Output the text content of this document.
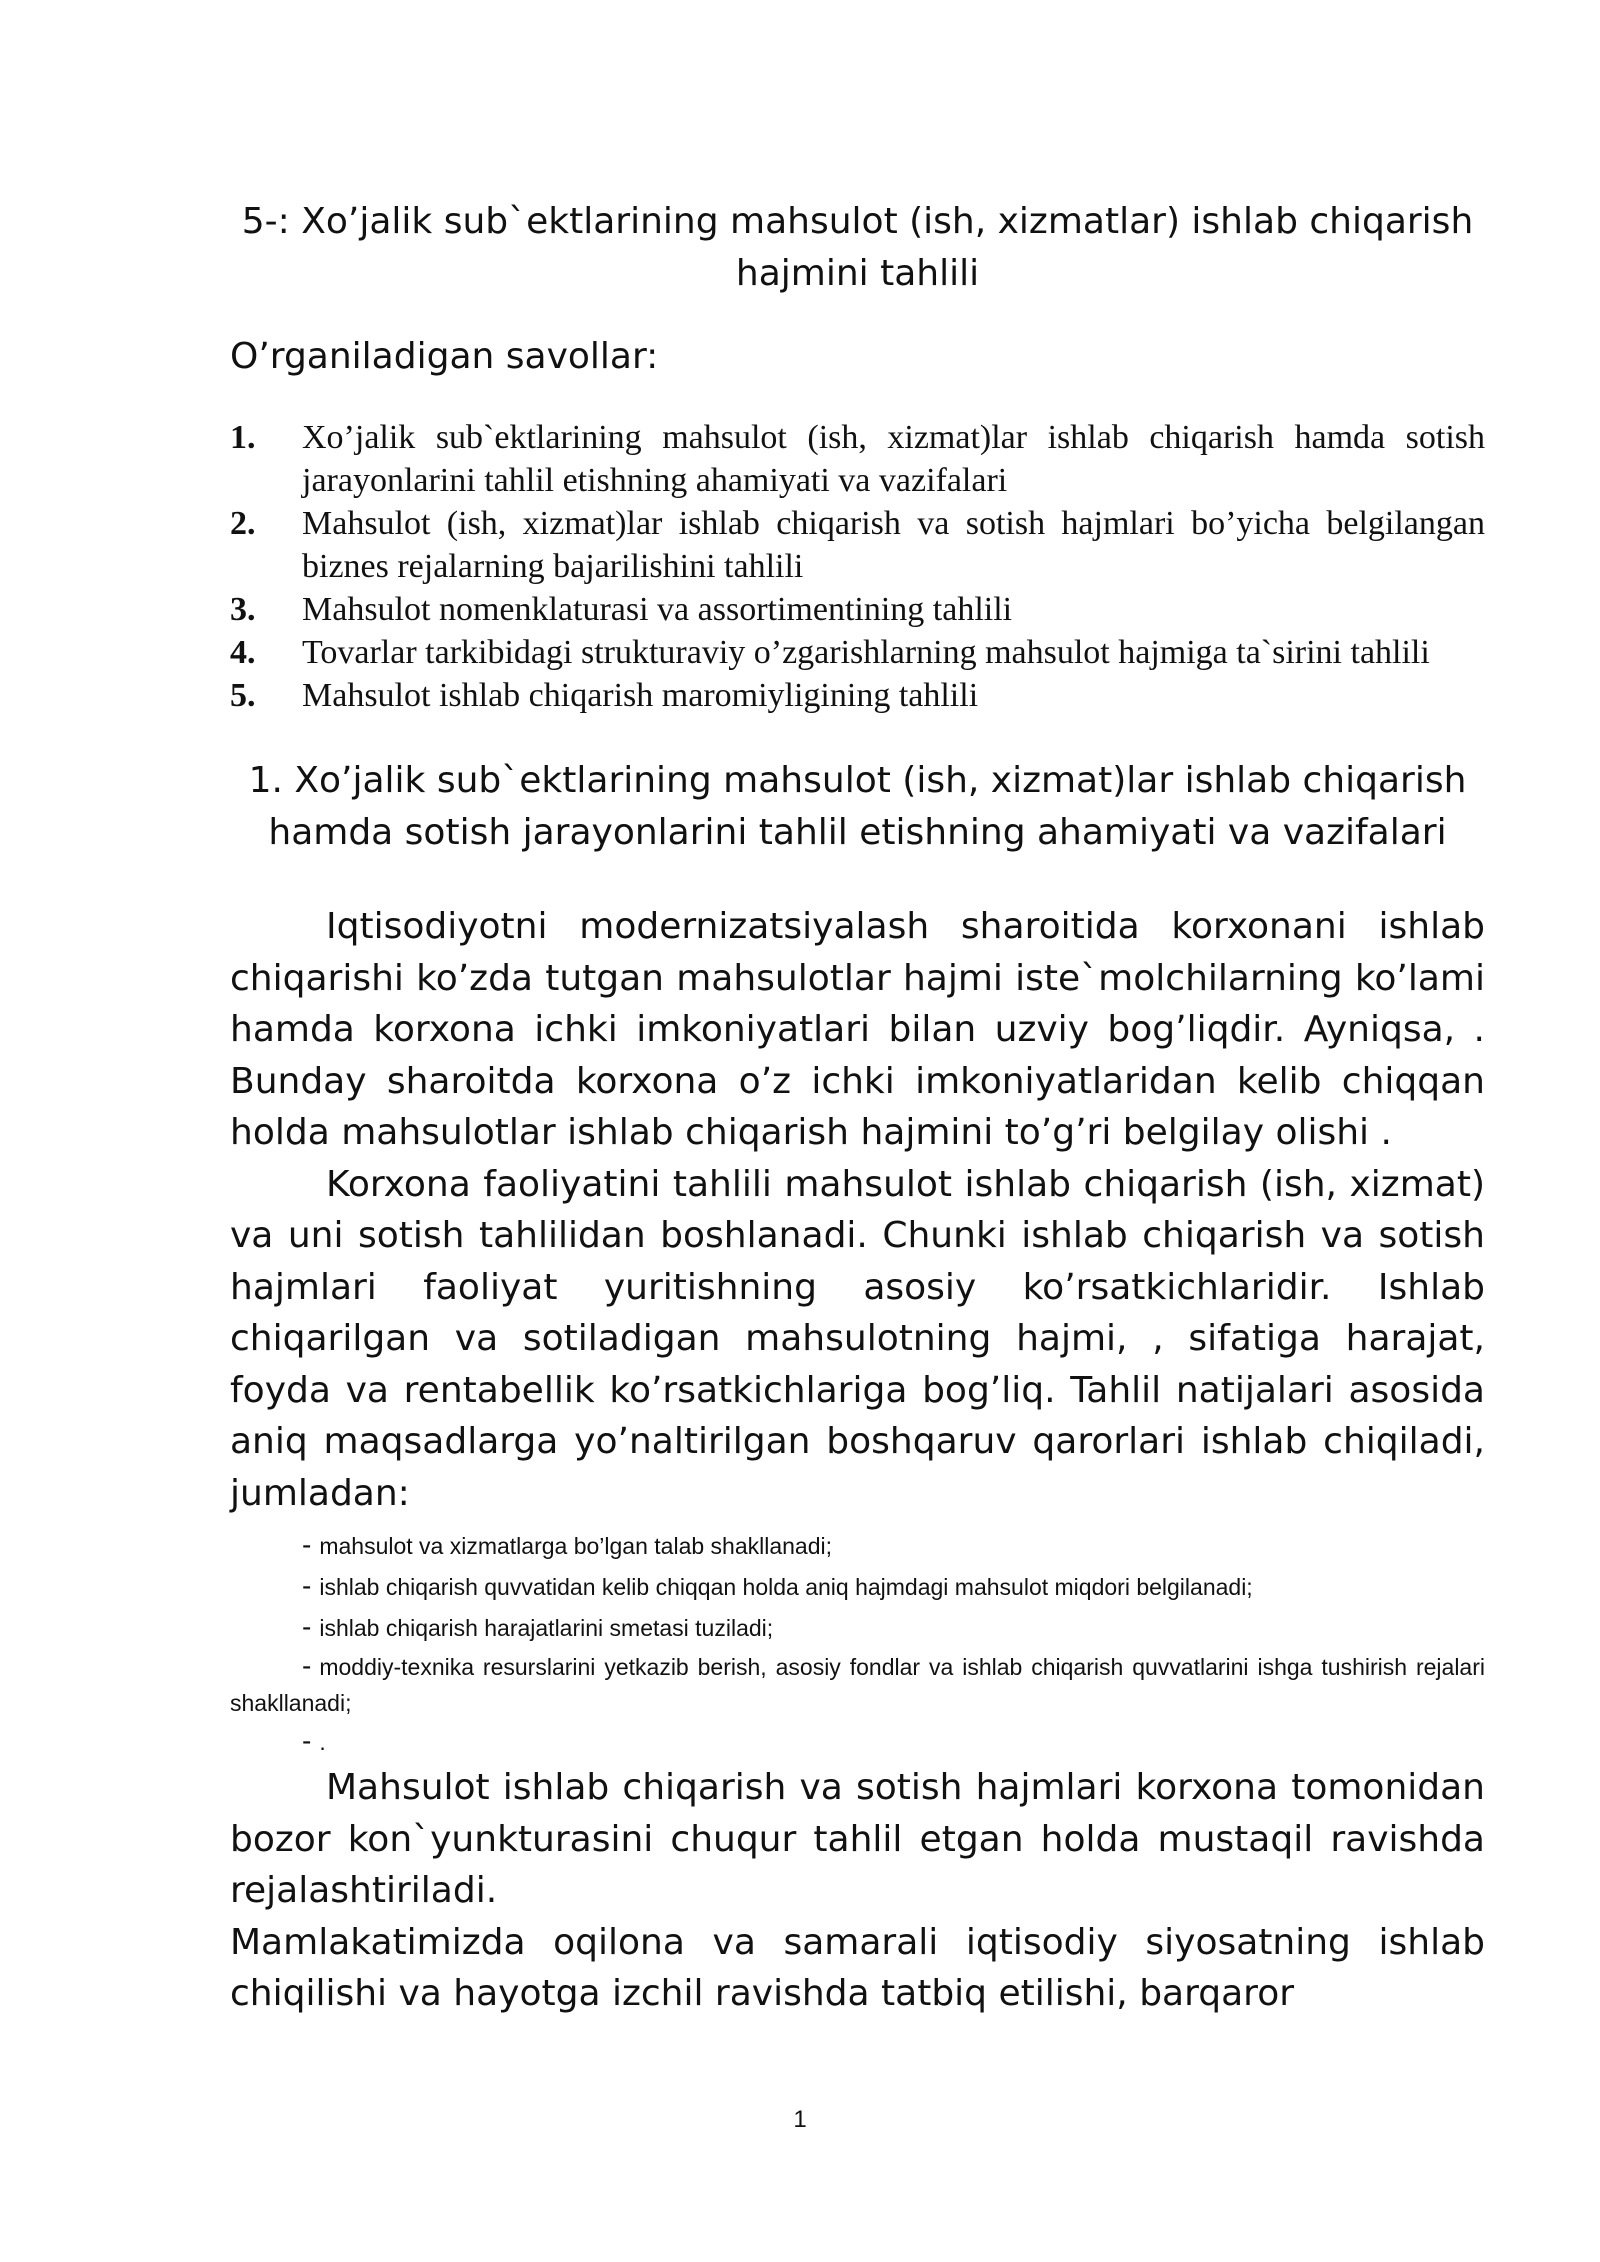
5-: Xo’jalik sub`ektlarining mahsulot (ish, xizmatlar) ishlab chiqarish hajmini tahlili
O’rganiladigan savollar:
1.	Xo’jalik sub`ektlarining mahsulot (ish, xizmat)lar ishlab chiqarish hamda sotish jarayonlarini tahlil etishning ahamiyati va vazifalari
2.	Mahsulot (ish, xizmat)lar ishlab chiqarish va sotish hajmlari bo’yicha belgilangan biznes rejalarning bajarilishini tahlili
3.	Mahsulot nomenklaturasi va assortimentining tahlili
4.	Tovarlar tarkibidagi strukturaviy o’zgarishlarning mahsulot hajmiga ta`sirini tahlili
5.	Mahsulot ishlab chiqarish maromiyligining tahlili
1. Xo’jalik sub`ektlarining mahsulot (ish, xizmat)lar ishlab chiqarish hamda sotish jarayonlarini tahlil etishning ahamiyati va vazifalari

Iqtisodiyotni modernizatsiyalash sharoitida korxonani ishlab chiqarishi ko’zda tutgan mahsulotlar hajmi iste`molchilarning ko’lami hamda korxona ichki imkoniyatlari bilan uzviy bog’liqdir. Ayniqsa, . Bunday sharoitda korxona o’z ichki imkoniyatlaridan kelib chiqqan holda mahsulotlar ishlab chiqarish hajmini to’g’ri belgilay olishi .

Korxona faoliyatini tahlili mahsulot ishlab chiqarish (ish, xizmat) va uni sotish tahlilidan boshlanadi. Chunki ishlab chiqarish va sotish hajmlari faoliyat yuritishning asosiy ko’rsatkichlaridir. Ishlab chiqarilgan va sotiladigan mahsulotning hajmi, , sifatiga harajat, foyda va rentabellik ko’rsatkichlariga bog’liq. Tahlil natijalari asosida aniq maqsadlarga yo’naltirilgan boshqaruv qarorlari ishlab chiqiladi, jumladan:

- mahsulot va xizmatlarga bo’lgan talab shakllanadi;
- ishlab chiqarish quvvatidan kelib chiqqan holda aniq hajmdagi mahsulot miqdori belgilanadi;
- ishlab chiqarish harajatlarini smetasi tuziladi;
- moddiy-texnika resurslarini yetkazib berish, asosiy fondlar va ishlab chiqarish quvvatlarini ishga tushirish rejalari shakllanadi;
- .

Mahsulot ishlab chiqarish va sotish hajmlari korxona tomonidan bozor kon`yunkturasini chuqur tahlil etgan holda mustaqil ravishda rejalashtiriladi.

Mamlakatimizda oqilona va samarali iqtisodiy siyosatning ishlab chiqilishi va hayotga izchil ravishda tatbiq etilishi, barqaror

1
